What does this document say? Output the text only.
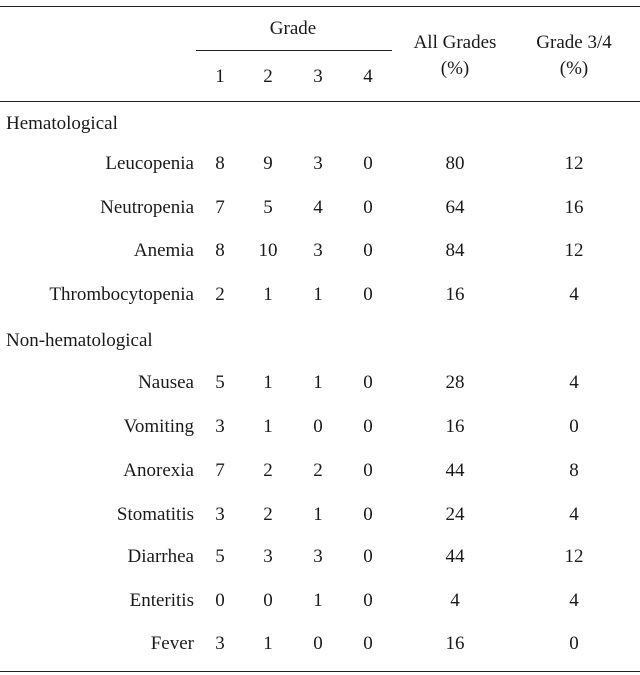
Grade
1 2 3 4
All Grades
(%)
Grade 3/4
(%)
Hematological
Leucopenia 8 9 3 0	80	12
Neutropenia 7 5 4 0	64	16
Anemia 8 10 3 0	84	12
Thrombocytopenia 2 1 1 0	16	4
Non-hematological
Nausea 5 1 1 0	28	4
Vomiting 3 1 0 0	16	0
Anorexia 7 2 2 0	44	8
Stomatitis 3 2 1 0	24	4
Diarrhea 5 3 3 0	44	12
Enteritis 0 0 1 0	4	4
Fever 3 1 0 0	16	0
